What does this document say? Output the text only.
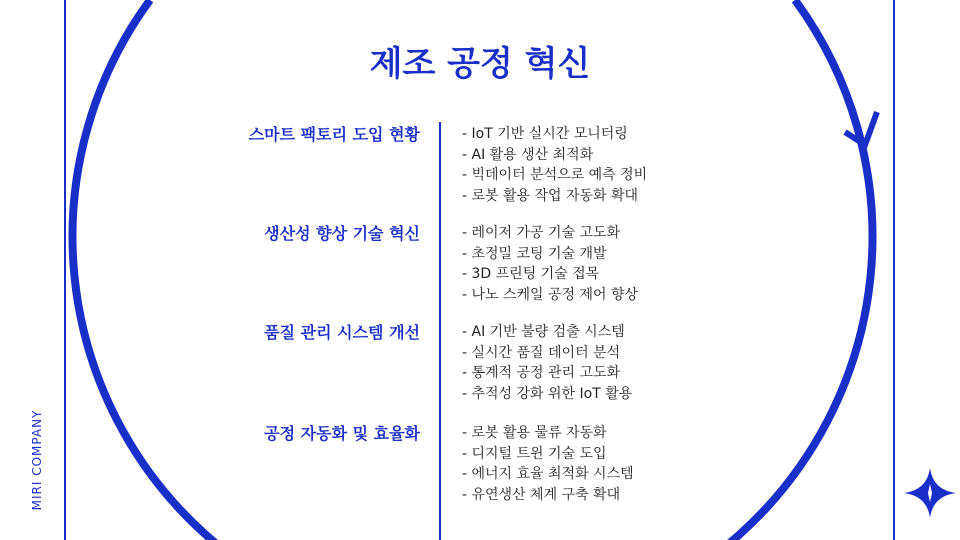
MIRI COMPANY
제조 공정 혁신
스마트 팩토리 도입 현황	- IoT 기반 실시간 모니터링
- AI 활용 생산 최적화
- 빅데이터 분석으로 예측 정비
- 로봇 활용 작업 자동화 확대
생산성 향상 기술 혁신	- 레이저 가공 기술 고도화
- 초정밀 코팅 기술 개발
- 3D 프린팅 기술 접목
- 나노 스케일 공정 제어 향상
품질 관리 시스템 개선	- AI 기반 불량 검출 시스템
- 실시간 품질 데이터 분석
- 통계적 공정 관리 고도화
- 추적성 강화 위한 IoT 활용
공정 자동화 및 효율화	- 로봇 활용 물류 자동화
- 디지털 트윈 기술 도입
- 에너지 효율 최적화 시스템
- 유연생산 체계 구축 확대
